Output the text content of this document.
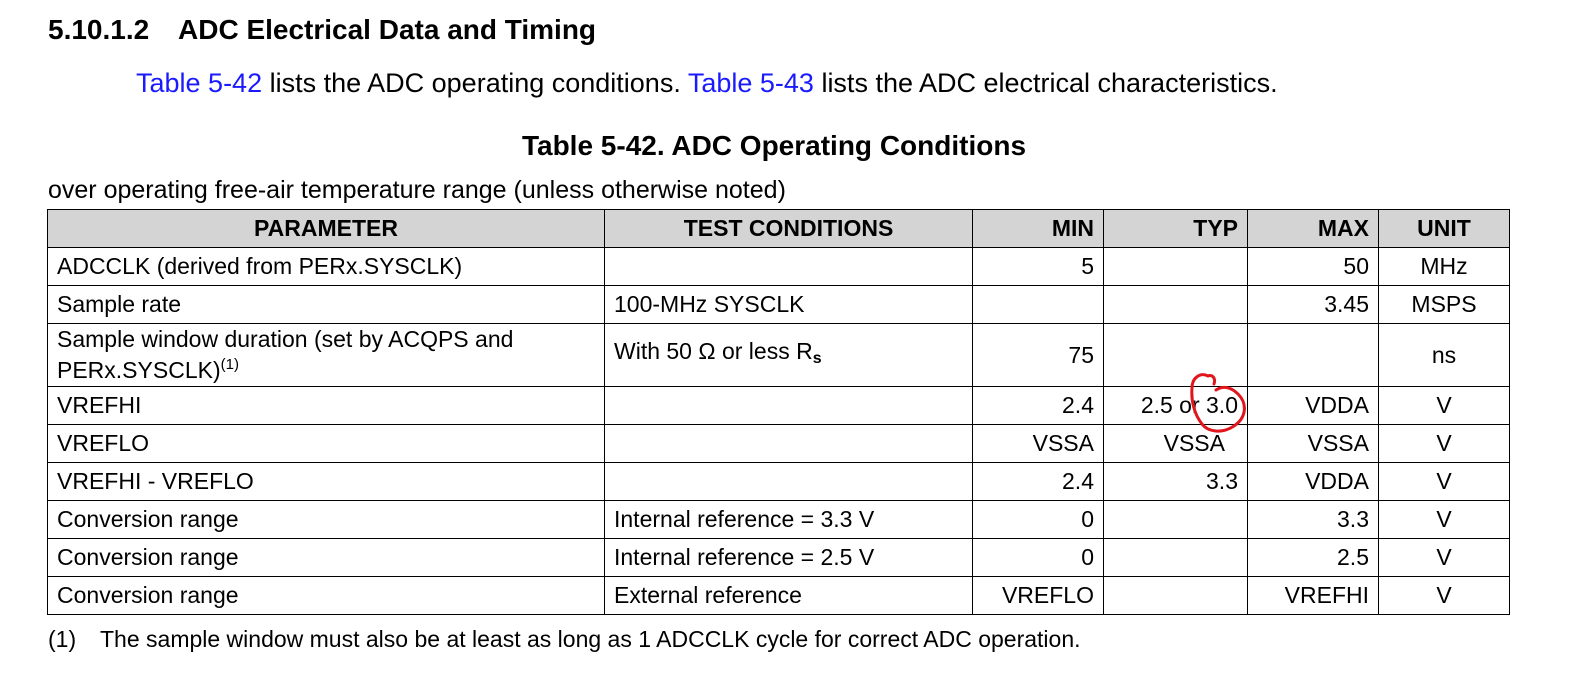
5.10.1.2 ADC Electrical Data and Timing
Table 5-42 lists the ADC operating conditions. Table 5-43 lists the ADC electrical characteristics.
Table 5-42. ADC Operating Conditions
over operating free-air temperature range (unless otherwise noted)
PARAMETER	TEST CONDITIONS	MIN	TYP	MAX	UNIT
ADCCLK (derived from PERx.SYSCLK)		5		50	MHz
Sample rate	100-MHz SYSCLK			3.45	MSPS
Sample window duration (set by ACQPS and
PERx.SYSCLK)$^{(1)}$	With 50 Ω or less $R_s$	75			ns
VREFHI		2.4	2.5 or 3.0	VDDA	V
VREFLO		VSSA	VSSA	VSSA	V
VREFHI - VREFLO		2.4	3.3	VDDA	V
Conversion range	Internal reference = 3.3 V	0		3.3	V
Conversion range	Internal reference = 2.5 V	0		2.5	V
Conversion range	External reference	VREFLO		VREFHI	V
(1) The sample window must also be at least as long as 1 ADCCLK cycle for correct ADC operation.
